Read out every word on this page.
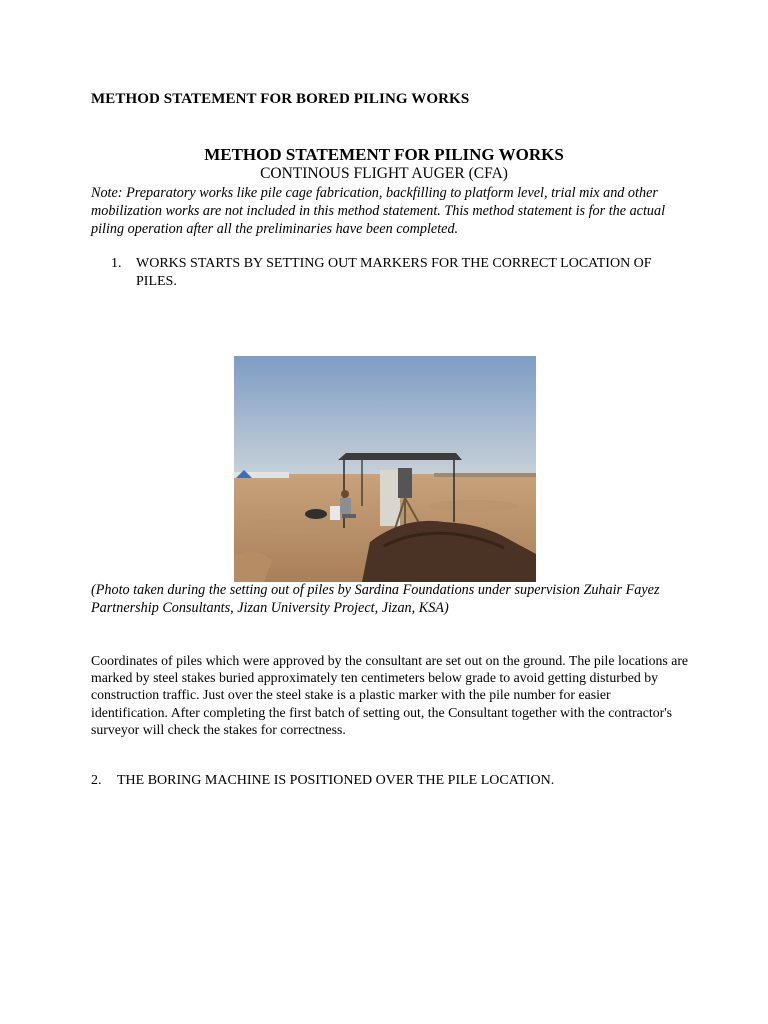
METHOD STATEMENT FOR BORED PILING WORKS
METHOD STATEMENT FOR PILING WORKS
CONTINOUS FLIGHT AUGER (CFA)
Note: Preparatory works like pile cage fabrication, backfilling to platform level, trial mix and other mobilization works are not included in this method statement. This method statement is for the actual piling operation after all the preliminaries have been completed.
1.	WORKS STARTS BY SETTING OUT MARKERS FOR THE CORRECT LOCATION OF PILES.
(Photo taken during the setting out of piles by Sardina Foundations under supervision Zuhair Fayez Partnership Consultants, Jizan University Project, Jizan, KSA)
Coordinates of piles which were approved by the consultant are set out on the ground. The pile locations are marked by steel stakes buried approximately ten centimeters below grade to avoid getting disturbed by construction traffic. Just over the steel stake is a plastic marker with the pile number for easier identification. After completing the first batch of setting out, the Consultant together with the contractor's surveyor will check the stakes for correctness.
2. THE BORING MACHINE IS POSITIONED OVER THE PILE LOCATION.
